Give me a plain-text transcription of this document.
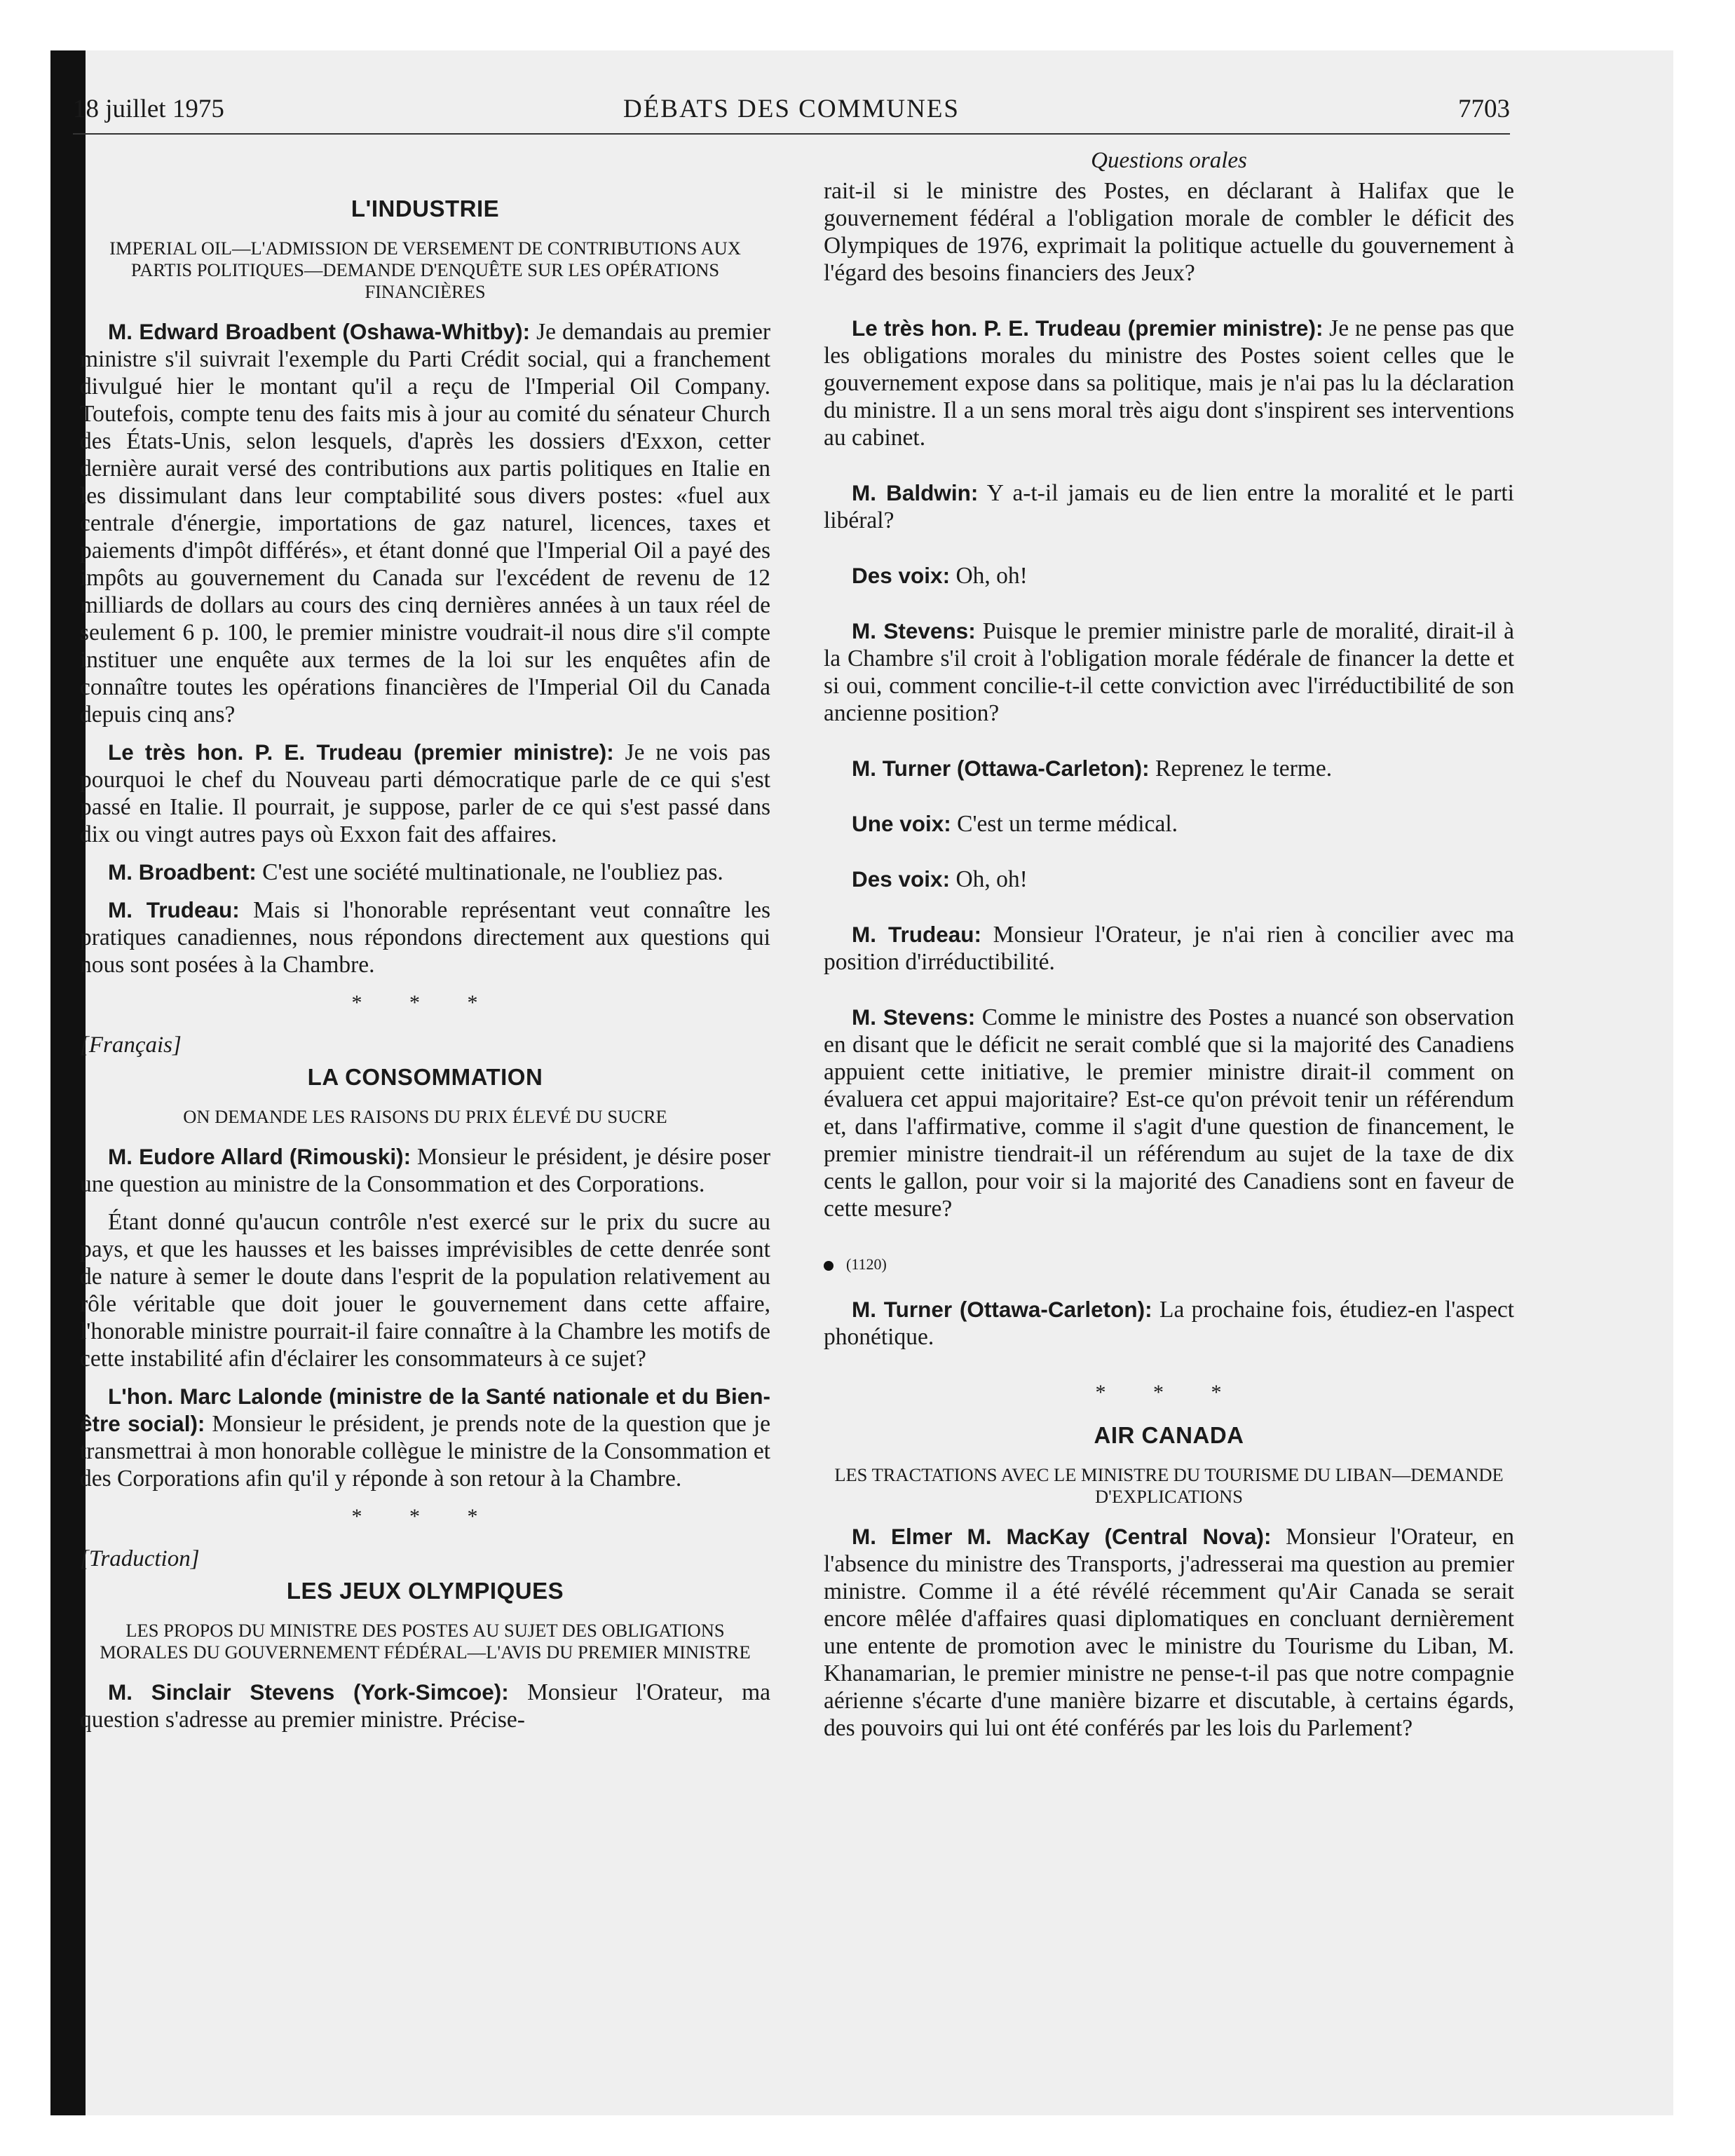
18 juillet 1975	DÉBATS DES COMMUNES	7703
L'INDUSTRIE
IMPERIAL OIL—L'ADMISSION DE VERSEMENT DE CONTRIBUTIONS AUX PARTIS POLITIQUES—DEMANDE D'ENQUÊTE SUR LES OPÉRATIONS FINANCIÈRES

M. Edward Broadbent (Oshawa-Whitby): Je demandais au premier ministre s'il suivrait l'exemple du Parti Crédit social, qui a franchement divulgué hier le montant qu'il a reçu de l'Imperial Oil Company. Toutefois, compte tenu des faits mis à jour au comité du sénateur Church des États-Unis, selon lesquels, d'après les dossiers d'Exxon, cetter dernière aurait versé des contributions aux partis politiques en Italie en les dissimulant dans leur comptabilité sous divers postes: «fuel aux centrale d'énergie, importations de gaz naturel, licences, taxes et paiements d'impôt différés», et étant donné que l'Imperial Oil a payé des impôts au gouvernement du Canada sur l'excédent de revenu de 12 milliards de dollars au cours des cinq dernières années à un taux réel de seulement 6 p. 100, le premier ministre voudrait-il nous dire s'il compte instituer une enquête aux termes de la loi sur les enquêtes afin de connaître toutes les opérations financières de l'Imperial Oil du Canada depuis cinq ans?

Le très hon. P. E. Trudeau (premier ministre): Je ne vois pas pourquoi le chef du Nouveau parti démocratique parle de ce qui s'est passé en Italie. Il pourrait, je suppose, parler de ce qui s'est passé dans dix ou vingt autres pays où Exxon fait des affaires.

M. Broadbent: C'est une société multinationale, ne l'oubliez pas.

M. Trudeau: Mais si l'honorable représentant veut connaître les pratiques canadiennes, nous répondons directement aux questions qui nous sont posées à la Chambre.

* * *
[Français]
LA CONSOMMATION
ON DEMANDE LES RAISONS DU PRIX ÉLEVÉ DU SUCRE

M. Eudore Allard (Rimouski): Monsieur le président, je désire poser une question au ministre de la Consommation et des Corporations.

Étant donné qu'aucun contrôle n'est exercé sur le prix du sucre au pays, et que les hausses et les baisses imprévisibles de cette denrée sont de nature à semer le doute dans l'esprit de la population relativement au rôle véritable que doit jouer le gouvernement dans cette affaire, l'honorable ministre pourrait-il faire connaître à la Chambre les motifs de cette instabilité afin d'éclairer les consommateurs à ce sujet?

L'hon. Marc Lalonde (ministre de la Santé nationale et du Bien-être social): Monsieur le président, je prends note de la question que je transmettrai à mon honorable collègue le ministre de la Consommation et des Corporations afin qu'il y réponde à son retour à la Chambre.

* * *
[Traduction]
LES JEUX OLYMPIQUES
LES PROPOS DU MINISTRE DES POSTES AU SUJET DES OBLIGATIONS MORALES DU GOUVERNEMENT FÉDÉRAL—L'AVIS DU PREMIER MINISTRE

M. Sinclair Stevens (York-Simcoe): Monsieur l'Orateur, ma question s'adresse au premier ministre. Précise-

Questions orales

rait-il si le ministre des Postes, en déclarant à Halifax que le gouvernement fédéral a l'obligation morale de combler le déficit des Olympiques de 1976, exprimait la politique actuelle du gouvernement à l'égard des besoins financiers des Jeux?

Le très hon. P. E. Trudeau (premier ministre): Je ne pense pas que les obligations morales du ministre des Postes soient celles que le gouvernement expose dans sa politique, mais je n'ai pas lu la déclaration du ministre. Il a un sens moral très aigu dont s'inspirent ses interventions au cabinet.

M. Baldwin: Y a-t-il jamais eu de lien entre la moralité et le parti libéral?

Des voix: Oh, oh!

M. Stevens: Puisque le premier ministre parle de moralité, dirait-il à la Chambre s'il croit à l'obligation morale fédérale de financer la dette et si oui, comment concilie-t-il cette conviction avec l'irréductibilité de son ancienne position?

M. Turner (Ottawa-Carleton): Reprenez le terme.

Une voix: C'est un terme médical.

Des voix: Oh, oh!

M. Trudeau: Monsieur l'Orateur, je n'ai rien à concilier avec ma position d'irréductibilité.

M. Stevens: Comme le ministre des Postes a nuancé son observation en disant que le déficit ne serait comblé que si la majorité des Canadiens appuient cette initiative, le premier ministre dirait-il comment on évaluera cet appui majoritaire? Est-ce qu'on prévoit tenir un référendum et, dans l'affirmative, comme il s'agit d'une question de financement, le premier ministre tiendrait-il un référendum au sujet de la taxe de dix cents le gallon, pour voir si la majorité des Canadiens sont en faveur de cette mesure?

(1120)

M. Turner (Ottawa-Carleton): La prochaine fois, étudiez-en l'aspect phonétique.

* * *
AIR CANADA
LES TRACTATIONS AVEC LE MINISTRE DU TOURISME DU LIBAN—DEMANDE D'EXPLICATIONS

M. Elmer M. MacKay (Central Nova): Monsieur l'Orateur, en l'absence du ministre des Transports, j'adresserai ma question au premier ministre. Comme il a été révélé récemment qu'Air Canada se serait encore mêlée d'affaires quasi diplomatiques en concluant dernièrement une entente de promotion avec le ministre du Tourisme du Liban, M. Khanamarian, le premier ministre ne pense-t-il pas que notre compagnie aérienne s'écarte d'une manière bizarre et discutable, à certains égards, des pouvoirs qui lui ont été conférés par les lois du Parlement?
